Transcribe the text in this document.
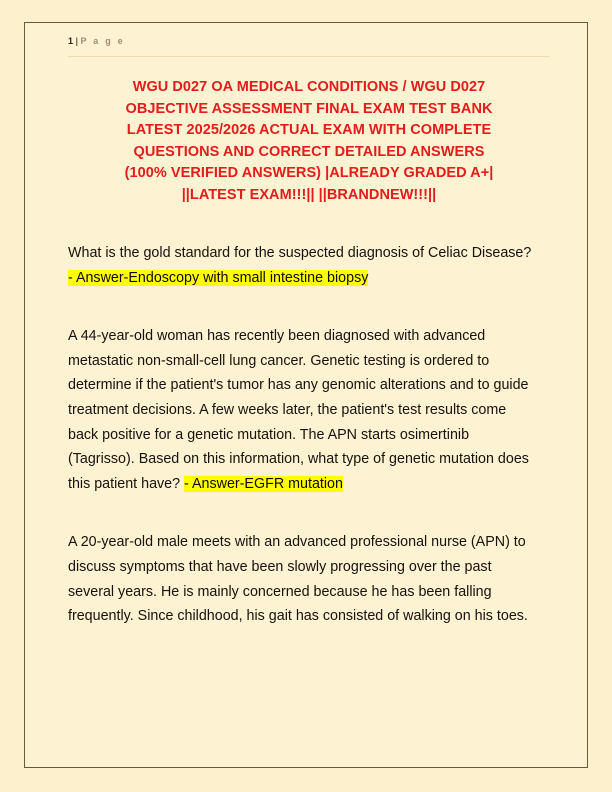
1 | P a g e
WGU D027 OA MEDICAL CONDITIONS / WGU D027
OBJECTIVE ASSESSMENT FINAL EXAM TEST BANK
LATEST 2025/2026 ACTUAL EXAM WITH COMPLETE
QUESTIONS AND CORRECT DETAILED ANSWERS
(100% VERIFIED ANSWERS) |ALREADY GRADED A+|
||LATEST EXAM!!!|| ||BRANDNEW!!!||
What is the gold standard for the suspected diagnosis of Celiac Disease? - Answer-Endoscopy with small intestine biopsy
A 44-year-old woman has recently been diagnosed with advanced metastatic non-small-cell lung cancer. Genetic testing is ordered to determine if the patient's tumor has any genomic alterations and to guide treatment decisions. A few weeks later, the patient's test results come back positive for a genetic mutation. The APN starts osimertinib (Tagrisso). Based on this information, what type of genetic mutation does this patient have? - Answer-EGFR mutation
A 20-year-old male meets with an advanced professional nurse (APN) to discuss symptoms that have been slowly progressing over the past several years. He is mainly concerned because he has been falling frequently. Since childhood, his gait has consisted of walking on his toes.
